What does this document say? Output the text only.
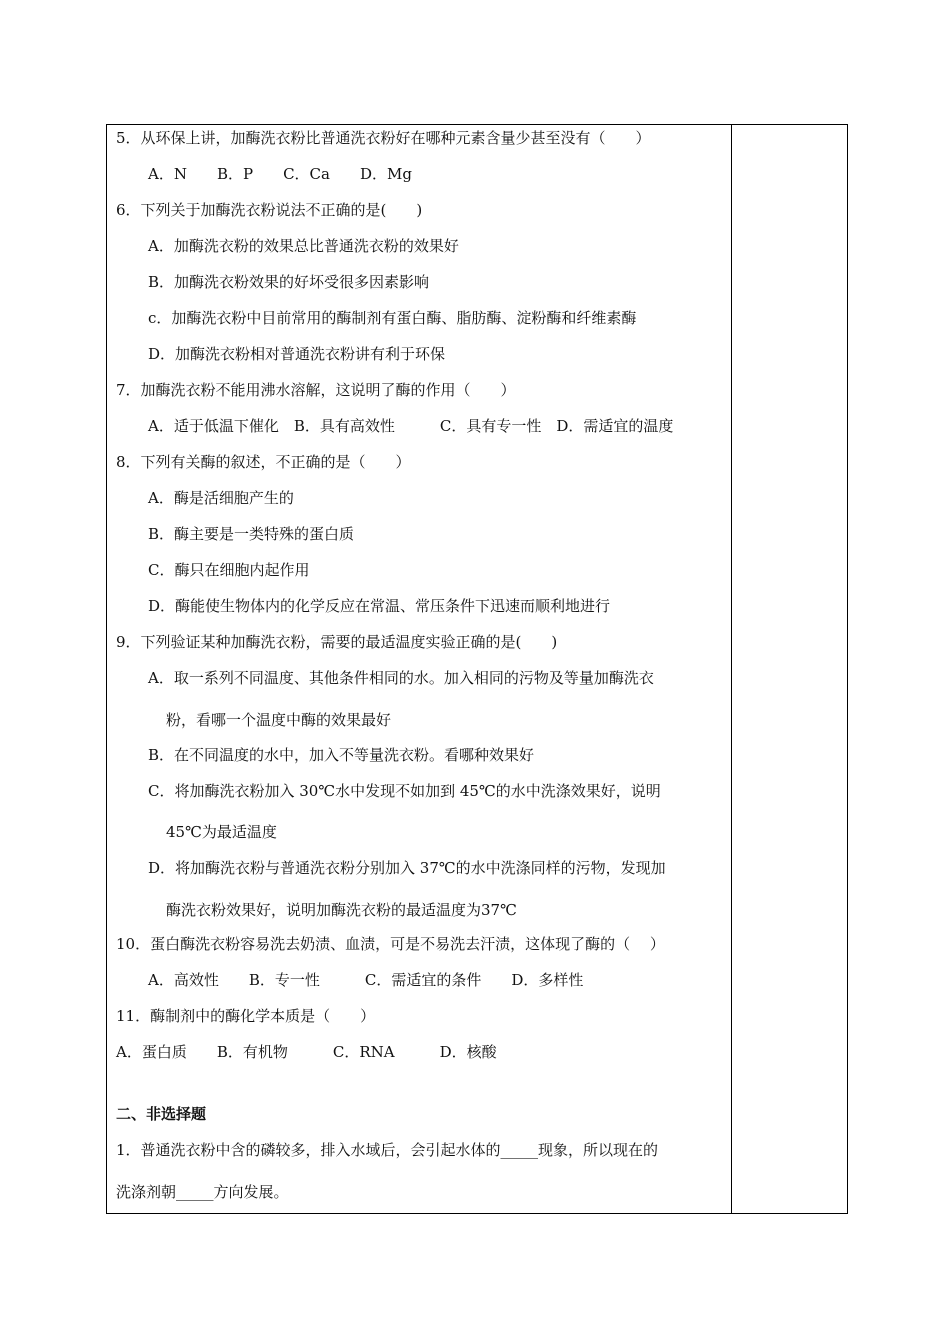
5．从环保上讲，加酶洗衣粉比普通洗衣粉好在哪种元素含量少甚至没有（　　）
A．N　　B．P　　C．Ca　　D．Mg
6．下列关于加酶洗衣粉说法不正确的是(　　)
A．加酶洗衣粉的效果总比普通洗衣粉的效果好
B．加酶洗衣粉效果的好坏受很多因素影响
c．加酶洗衣粉中目前常用的酶制剂有蛋白酶、脂肪酶、淀粉酶和纤维素酶
D．加酶洗衣粉相对普通洗衣粉讲有利于环保
7．加酶洗衣粉不能用沸水溶解，这说明了酶的作用（　　）
A．适于低温下催化　B．具有高效性　　　C．具有专一性　D．需适宜的温度
8．下列有关酶的叙述，不正确的是（　　）
A．酶是活细胞产生的
B．酶主要是一类特殊的蛋白质
C．酶只在细胞内起作用
D．酶能使生物体内的化学反应在常温、常压条件下迅速而顺利地进行
9．下列验证某种加酶洗衣粉，需要的最适温度实验正确的是(　　)
A．取一系列不同温度、其他条件相同的水。加入相同的污物及等量加酶洗衣
粉，看哪一个温度中酶的效果最好
B．在不同温度的水中，加入不等量洗衣粉。看哪种效果好
C．将加酶洗衣粉加入 30℃水中发现不如加到 45℃的水中洗涤效果好，说明
45℃为最适温度
D．将加酶洗衣粉与普通洗衣粉分别加入 37℃的水中洗涤同样的污物，发现加
酶洗衣粉效果好，说明加酶洗衣粉的最适温度为37℃
10．蛋白酶洗衣粉容易洗去奶渍、血渍，可是不易洗去汗渍，这体现了酶的（　 ）
A．高效性　　B．专一性　　　C．需适宜的条件　　D．多样性
11．酶制剂中的酶化学本质是（　　）
A．蛋白质　　B．有机物　　　C．RNA　　　D．核酸
二、非选择题
1．普通洗衣粉中含的磷较多，排入水域后，会引起水体的_____现象，所以现在的
洗涤剂朝_____方向发展。
